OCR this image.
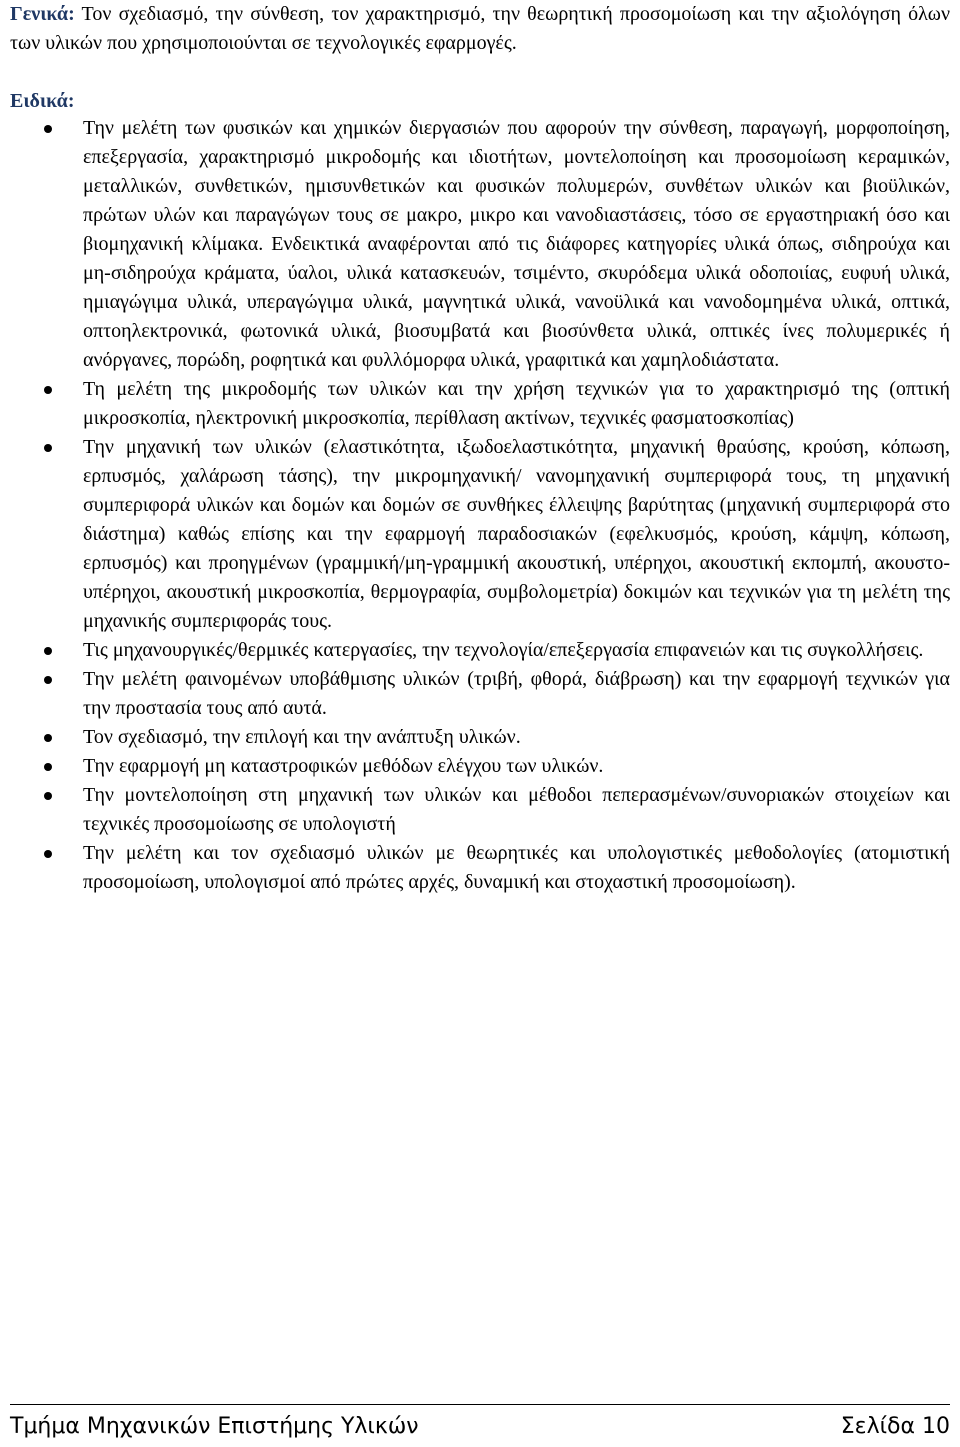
Γενικά: Τον σχεδιασμό, την σύνθεση, τον χαρακτηρισμό, την θεωρητική προσομοίωση και την αξιολόγηση όλων των υλικών που χρησιμοποιούνται σε τεχνολογικές εφαρμογές.

Ειδικά:

Την μελέτη των φυσικών και χημικών διεργασιών που αφορούν την σύνθεση, παραγωγή, μορφοποίηση, επεξεργασία, χαρακτηρισμό μικροδομής και ιδιοτήτων, μοντελοποίηση και προσομοίωση κεραμικών, μεταλλικών, συνθετικών, ημισυνθετικών και φυσικών πολυμερών, συνθέτων υλικών και βιοϋλικών, πρώτων υλών και παραγώγων τους σε μακρο, μικρο και νανοδιαστάσεις, τόσο σε εργαστηριακή όσο και βιομηχανική κλίμακα. Ενδεικτικά αναφέρονται από τις διάφορες κατηγορίες υλικά όπως, σιδηρούχα και μη-σιδηρούχα κράματα, ύαλοι, υλικά κατασκευών, τσιμέντο, σκυρόδεμα υλικά οδοποιίας, ευφυή υλικά, ημιαγώγιμα υλικά, υπεραγώγιμα υλικά, μαγνητικά υλικά, νανοϋλικά και νανοδομημένα υλικά, οπτικά, οπτοηλεκτρονικά, φωτονικά υλικά, βιοσυμβατά και βιοσύνθετα υλικά, οπτικές ίνες πολυμερικές ή ανόργανες, πορώδη, ροφητικά και φυλλόμορφα υλικά, γραφιτικά και χαμηλοδιάστατα.
Τη μελέτη της μικροδομής των υλικών και την χρήση τεχνικών για το χαρακτηρισμό της (οπτική μικροσκοπία, ηλεκτρονική μικροσκοπία, περίθλαση ακτίνων, τεχνικές φασματοσκοπίας)
Την μηχανική των υλικών (ελαστικότητα, ιξωδοελαστικότητα, μηχανική θραύσης, κρούση, κόπωση, ερπυσμός, χαλάρωση τάσης), την μικρομηχανική/ νανομηχανική συμπεριφορά τους, τη μηχανική συμπεριφορά υλικών και δομών και δομών σε συνθήκες έλλειψης βαρύτητας (μηχανική συμπεριφορά στο διάστημα) καθώς επίσης και την εφαρμογή παραδοσιακών (εφελκυσμός, κρούση, κάμψη, κόπωση, ερπυσμός) και προηγμένων (γραμμική/μη-γραμμική ακουστική, υπέρηχοι, ακουστική εκπομπή, ακουστο-υπέρηχοι, ακουστική μικροσκοπία, θερμογραφία, συμβολομετρία) δοκιμών και τεχνικών για τη μελέτη της μηχανικής συμπεριφοράς τους.
Τις μηχανουργικές/θερμικές κατεργασίες, την τεχνολογία/επεξεργασία επιφανειών και τις συγκολλήσεις.
Την μελέτη φαινομένων υποβάθμισης υλικών (τριβή, φθορά, διάβρωση) και την εφαρμογή τεχνικών για την προστασία τους από αυτά.
Τον σχεδιασμό, την επιλογή και την ανάπτυξη υλικών.
Την εφαρμογή μη καταστροφικών μεθόδων ελέγχου των υλικών.
Την μοντελοποίηση στη μηχανική των υλικών και μέθοδοι πεπερασμένων/συνοριακών στοιχείων και τεχνικές προσομοίωσης σε υπολογιστή
Την μελέτη και τον σχεδιασμό υλικών με θεωρητικές και υπολογιστικές μεθοδολογίες (ατομιστική προσομοίωση, υπολογισμοί από πρώτες αρχές, δυναμική και στοχαστική προσομοίωση).
Τμήμα Μηχανικών Επιστήμης Υλικών	Σελίδα 10
